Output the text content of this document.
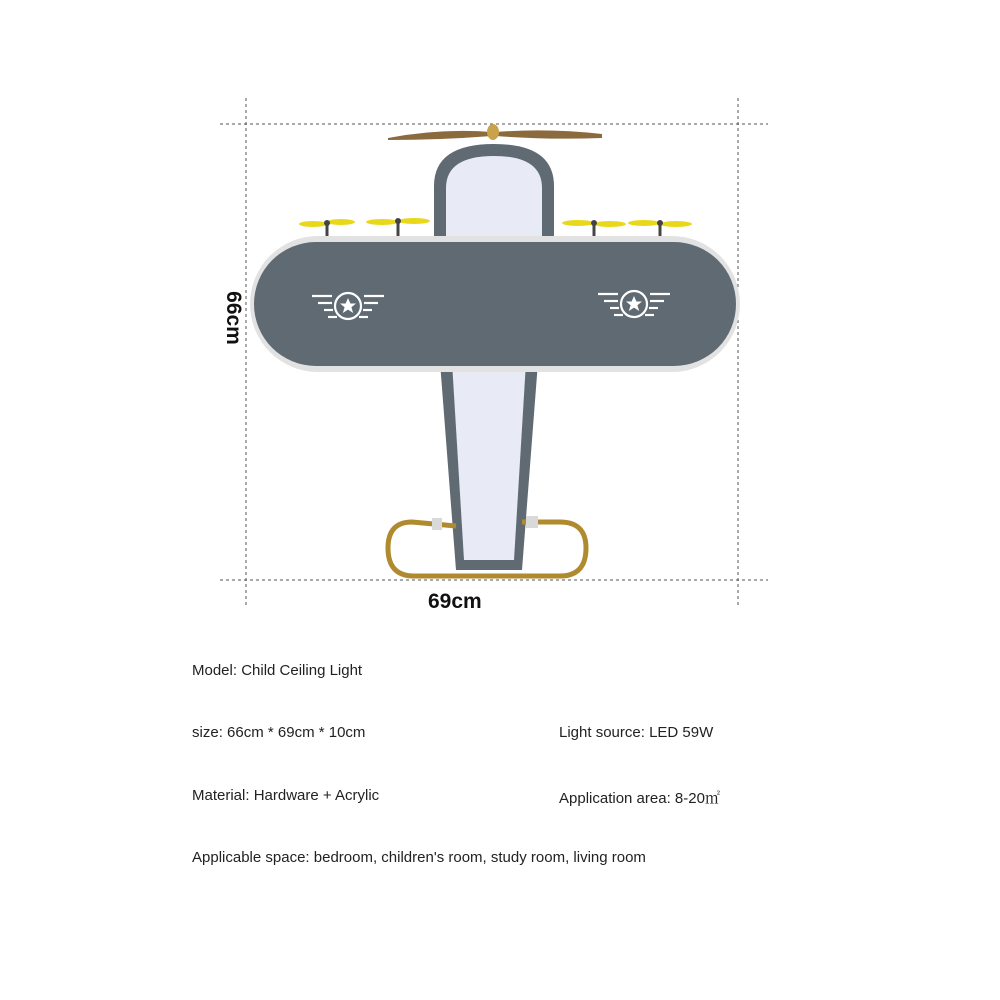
66cm
69cm
Model : Child Ceiling Light
size : 66cm * 69cm * 10cm	Light source : LED 59W
Material : Hardware + Acrylic	Application area : 8-20㎡
Applicable space : bedroom, children's room, study room, living room
